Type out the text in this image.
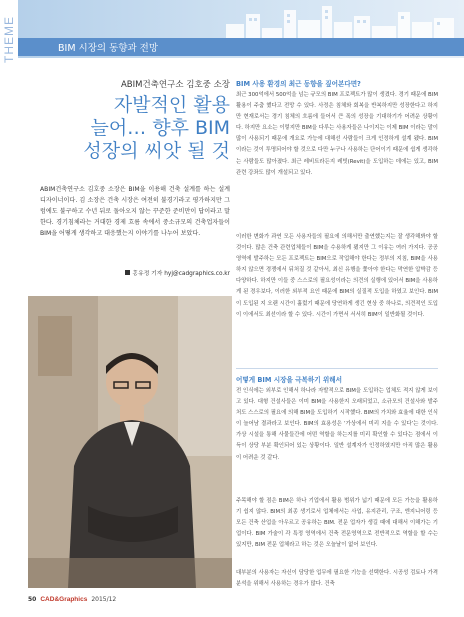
BIM 시장의 동향과 전망
THEME
ABIM건축연구소 김호중 소장
자발적인 활용
늘어… 향후 BIM
성장의 씨앗 될 것
ABIM건축연구소 김호중 소장은 BIM을 이용해 건축 설계를 하는 설계 디자이너이다. 김 소장은 건축 시장은 여전히 불경기라고 평가하지만 그럼에도 불구하고 수년 뒤로 돌아오지 않는 꾸준한 준비만이 답이라고 말한다. 경기침체라는 거대한 경제 흐름 속에서 중소규모의 건축업자들이 BIM을 어떻게 생각하고 대응했는지 이야기를 나누어 보았다.
홍유정 기자 hyj@cadgraphics.co.kr
BIM 사용 환경의 최근 동향을 짚어본다면?
최근 300억에서 500억을 넘는 규모의 BIM 프로젝트가 많이 생겼다. 경기 때문에 BIM 활용이 주춤 했다고 전망 수 있다. 사정은 침체와 회복을 반복하지만 성장한다고 하지만 현재로서는 경기 침체의 흐름에 들어서 큰 폭의 성장을 기대하기가 어려운 상황이다. 하지만 요소는 이렇지만 BIM을 다루는 사용자들은 나이지는 이제 BIM 이라는 말이 많이 사용되기 때문에 개요로 가능에 대해선 사람들이 크게 인정하게 설계 됐다. BIM이라는 것이 투명되어야 할 것으로 다만 누구나 사용하는 단어이기 때문에 쉽게 생각하는 사람들도 많아졌다. 최근 레비트라든지 레빗(Revit)을 도입하는 데에는 있고, BIM 관련 강좌도 많이 개설되고 있다.
이러한 변화가 과연 모든 사용자들의 필요에 의해서만 출연했는지는 잘 생각해봐야 할 것이다. 많은 건축 관련업체들이 BIM을 수용하게 됐지만 그 이유는 여러 가지다. 공공영역에 발주하는 모든 프로젝트는 BIM으로 작업해야 한다는 정부의 지침, BIM을 사용하지 않으면 경쟁에서 뒤처질 것 같아서, 최신 유행을 쫓아야 한다는 막연한 압박감 등 다양하다. 하지만 이들 중 스스로의 필요성이라는 의견의 실행에 있어서 BIM을 사용하게 된 경우보다, 이러한 외부적 요인 때문에 BIM의 실질적 도입을 하였고 보인다. BIM이 도입된 지 오랜 시간이 흘렀기 때문에 당연하게 생긴 현상 중 하나로, 의견적인 도입이 이에서도 최선이라 할 수 있다. 시간이 가면서 서서히 BIM이 일반화될 것이다.
어떻게 BIM 시장을 극복하기 위해서
전 인식에는 외부로 인해서 하나라 자발적으로 BIM을 도입하는 업체도 적지 않게 보이고 있다. 대형 건설사들은 이미 BIM을 사용한지 오래되었고, 소규모의 건설사와 발주처도 스스로의 필요에 의해 BIM을 도입하기 시작했다. BIM의 가치와 효율에 대한 인식이 늘어남 결과라고 보인다. BIM의 효용성은 ‘가상에서 미리 지을 수 있다’는 것이다. 가상 시설을 통해 사물들간에 어떤 역할을 하는지를 미리 확인할 수 있다는 점에서 이득이 상당 부분 확인되어 있는 상황이다. 일반 설계자가 인정하였지만 아직 많은 활용이 어려운 것 같다.
주목해야 할 점은 BIM은 하나 기업에서 활용 범위가 넓기 때문에 모든 가능을 활용하기 쉽지 않다. BIM의 최종 생기로서 업체에서는 사업, 유지관리, 구조, 엔지니어링 등 모든 건축 산업을 아우르고 공유하는 BIM. 전문 업자가 생길 때에 대해서 이해가는 기업이다. BIM 가술이 각 특정 영역에서 건축 전문영역으로 전반적으로 역할을 할 수는 있지만, BIM 전문 업체라고 하는 것은 오늘날이 없어 보인다.
대부분의 사용자는 자신이 담당한 업무에 필요한 기능을 선택한다. 시공성 검토나 가격분석을 위해서 사용하는 경우가 많다. 건축
50 CAD&Graphics 2015/12
